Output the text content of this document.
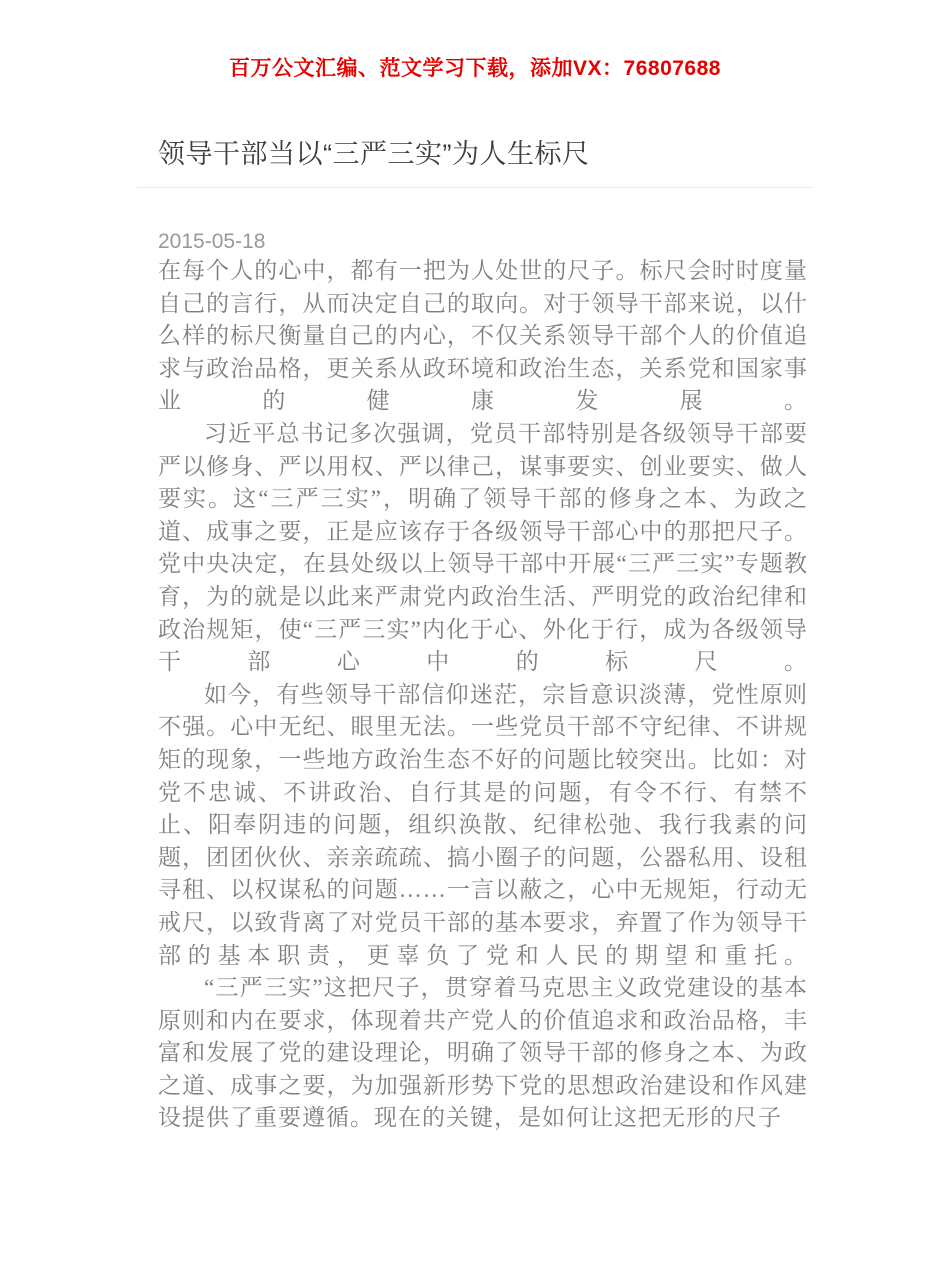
百万公文汇编、范文学习下载，添加VX：76807688
领导干部当以“三严三实”为人生标尺
2015-05-18

在每个人的心中，都有一把为人处世的尺子。标尺会时时度量自己的言行，从而决定自己的取向。对于领导干部来说，以什么样的标尺衡量自己的内心，不仅关系领导干部个人的价值追求与政治品格，更关系从政环境和政治生态，关系党和国家事业的健康发展。

习近平总书记多次强调，党员干部特别是各级领导干部要严以修身、严以用权、严以律己，谋事要实、创业要实、做人要实。这“三严三实”，明确了领导干部的修身之本、为政之道、成事之要，正是应该存于各级领导干部心中的那把尺子。党中央决定，在县处级以上领导干部中开展“三严三实”专题教育，为的就是以此来严肃党内政治生活、严明党的政治纪律和政治规矩，使“三严三实”内化于心、外化于行，成为各级领导干部心中的标尺。

如今，有些领导干部信仰迷茫，宗旨意识淡薄，党性原则不强。心中无纪、眼里无法。一些党员干部不守纪律、不讲规矩的现象，一些地方政治生态不好的问题比较突出。比如：对党不忠诚、不讲政治、自行其是的问题，有令不行、有禁不止、阳奉阴违的问题，组织涣散、纪律松弛、我行我素的问题，团团伙伙、亲亲疏疏、搞小圈子的问题，公器私用、设租寻租、以权谋私的问题……一言以蔽之，心中无规矩，行动无戒尺，以致背离了对党员干部的基本要求，弃置了作为领导干部的基本职责，更辜负了党和人民的期望和重托。

“三严三实”这把尺子，贯穿着马克思主义政党建设的基本原则和内在要求，体现着共产党人的价值追求和政治品格，丰富和发展了党的建设理论，明确了领导干部的修身之本、为政之道、成事之要，为加强新形势下党的思想政治建设和作风建设提供了重要遵循。现在的关键，是如何让这把无形的尺子
